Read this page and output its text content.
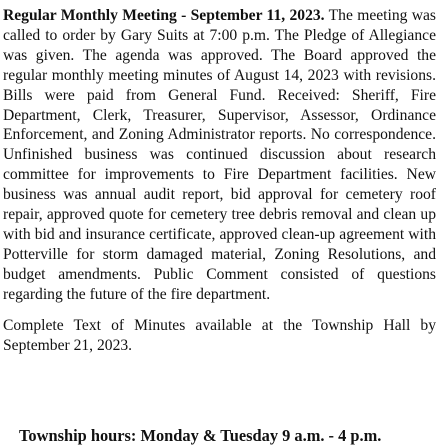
Regular Monthly Meeting - September 11, 2023. The meeting was called to order by Gary Suits at 7:00 p.m. The Pledge of Allegiance was given. The agenda was approved. The Board approved the regular monthly meeting minutes of August 14, 2023 with revisions. Bills were paid from General Fund. Received: Sheriff, Fire Department, Clerk, Treasurer, Supervisor, Assessor, Ordinance Enforcement, and Zoning Administrator reports. No correspondence. Unfinished business was continued discussion about research committee for improvements to Fire Department facilities. New business was annual audit report, bid approval for cemetery roof repair, approved quote for cemetery tree debris removal and clean up with bid and insurance certificate, approved clean-up agreement with Potterville for storm damaged material, Zoning Resolutions, and budget amendments. Public Comment consisted of questions regarding the future of the fire department.

Complete Text of Minutes available at the Township Hall by September 21, 2023.

Township hours: Monday & Tuesday 9 a.m. - 4 p.m.
